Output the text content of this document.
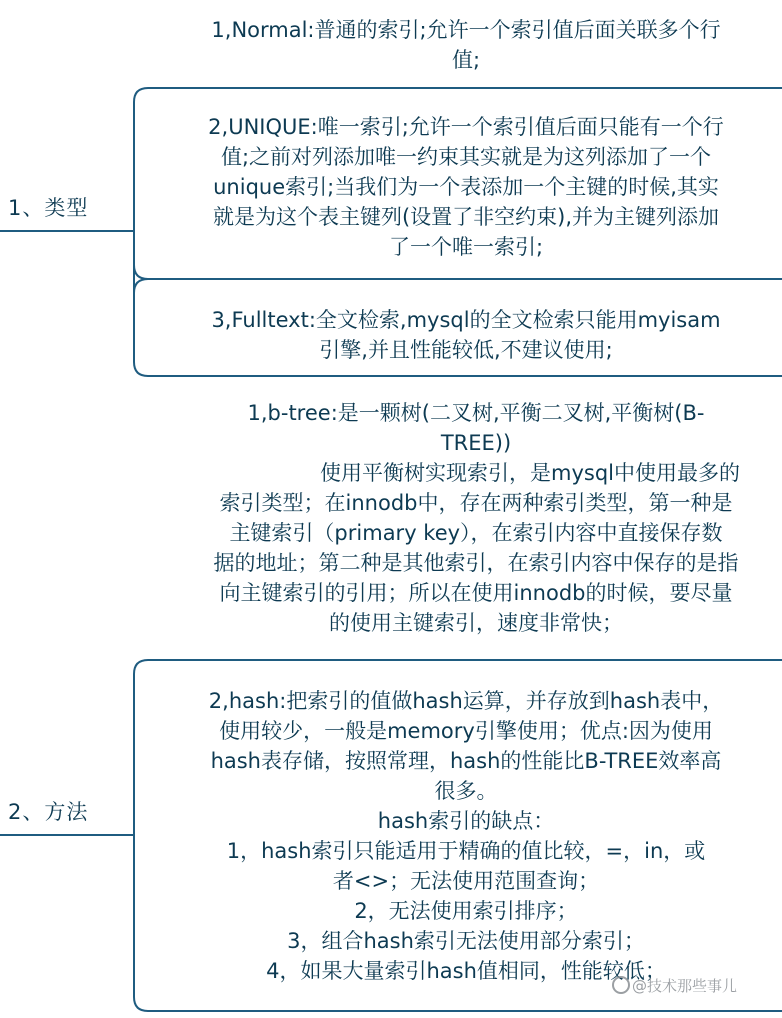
1、类型
2、方法
1,Normal:普通的索引;允许一个索引值后面关联多个行
值;
2,UNIQUE:唯一索引;允许一个索引值后面只能有一个行
值;之前对列添加唯一约束其实就是为这列添加了一个
unique索引;当我们为一个表添加一个主键的时候,其实
就是为这个表主键列(设置了非空约束),并为主键列添加
了一个唯一索引;
3,Fulltext:全文检索,mysql的全文检索只能用myisam
引擎,并且性能较低,不建议使用;
1,b-tree:是一颗树(二叉树,平衡二叉树,平衡树(B-
TREE))
使用平衡树实现索引，是mysql中使用最多的
索引类型；在innodb中，存在两种索引类型，第一种是
主键索引（primary key），在索引内容中直接保存数
据的地址；第二种是其他索引，在索引内容中保存的是指
向主键索引的引用；所以在使用innodb的时候，要尽量
的使用主键索引，速度非常快；
2,hash:把索引的值做hash运算，并存放到hash表中，
使用较少，一般是memory引擎使用；优点:因为使用
hash表存储，按照常理，hash的性能比B-TREE效率高
很多。
hash索引的缺点：
1，hash索引只能适用于精确的值比较，=，in，或
者<>；无法使用范围查询；
2，无法使用索引排序；
3，组合hash索引无法使用部分索引；
4，如果大量索引hash值相同，性能较低；
@技术那些事儿
